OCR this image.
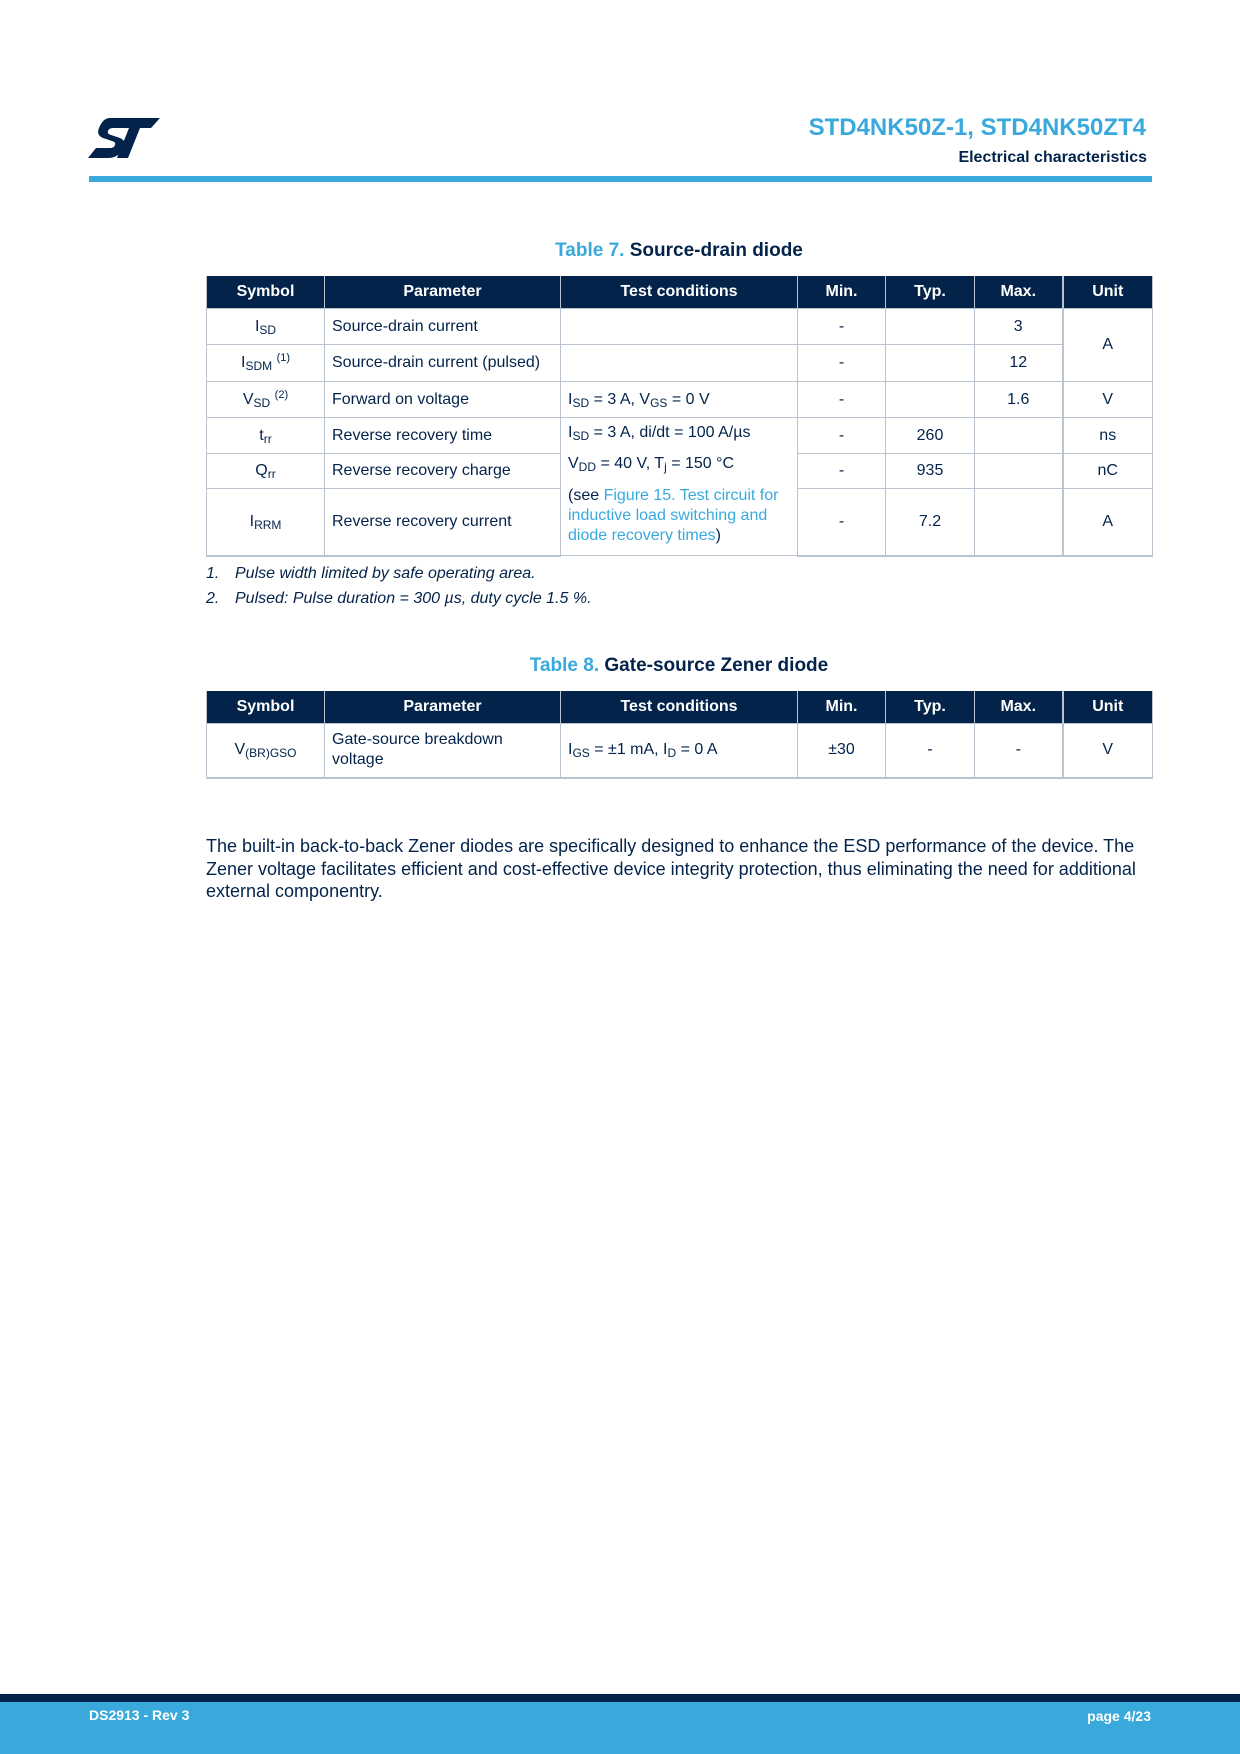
STD4NK50Z-1, STD4NK50ZT4
Electrical characteristics
Table 7. Source-drain diode
Symbol	Parameter	Test conditions	Min.	Typ.	Max.	Unit
$I_{SD}$	Source-drain current		-		3	A
$I_{SDM}$ $^{(1)}$	Source-drain current (pulsed)		-		12	
$V_{SD}$ $^{(2)}$	Forward on voltage	$I_{SD} = 3$ A, $V_{GS} = 0$ V	-		1.6	V
$t_{rr}$	Reverse recovery time	$I_{SD} = 3$ A, di/dt = 100 A/µs
$V_{DD} = 40$ V, $T_j = 150$ °C
(see Figure 15. Test circuit for inductive load switching and diode recovery times)	-	260		ns
$Q_{rr}$	Reverse recovery charge		-	935		nC
$I_{RRM}$	Reverse recovery current		-	7.2		A
1. Pulse width limited by safe operating area.
2. Pulsed: Pulse duration = 300 µs, duty cycle 1.5 %.
Table 8. Gate-source Zener diode
Symbol	Parameter	Test conditions	Min.	Typ.	Max.	Unit
$V_{(BR)GSO}$	Gate-source breakdown voltage	$I_{GS} = \pm 1$ mA, $I_D = 0$ A	±30	-	-	V

The built-in back-to-back Zener diodes are specifically designed to enhance the ESD performance of the device. The Zener voltage facilitates efficient and cost-effective device integrity protection, thus eliminating the need for additional external componentry.

DS2913 - Rev 3	page 4/23
